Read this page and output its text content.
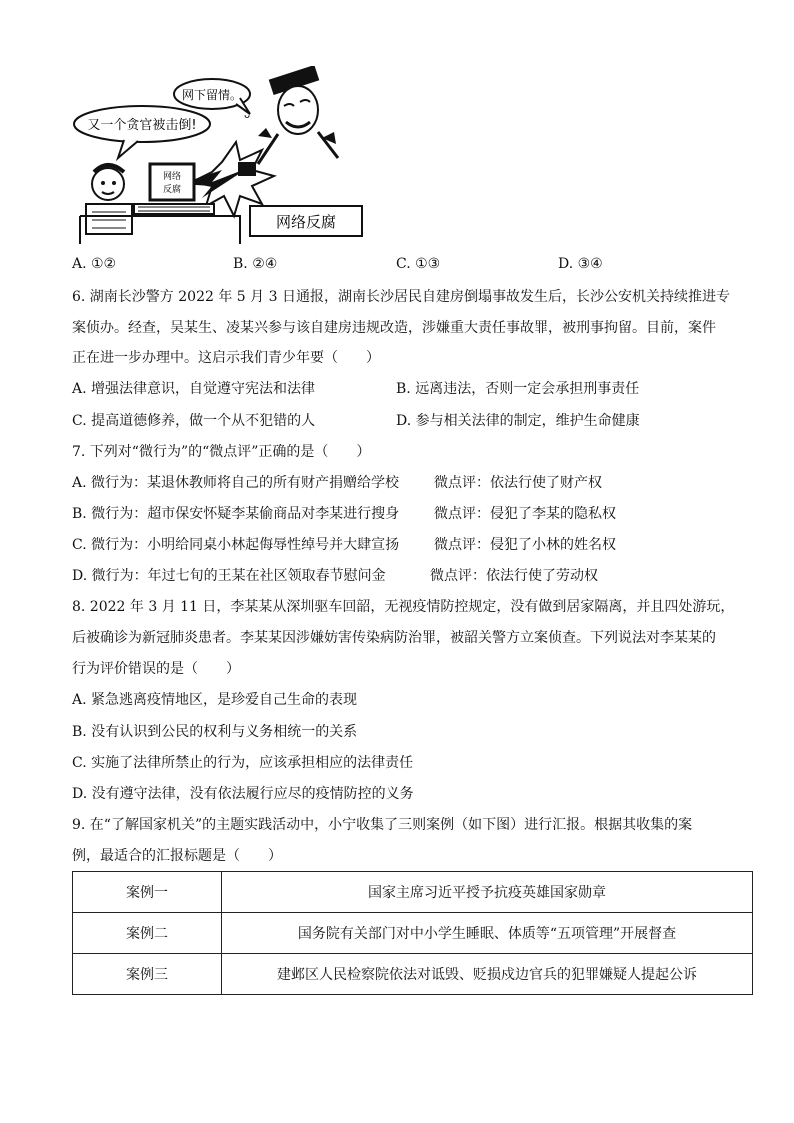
又一个贪官被击倒!
网下留情。
ᴗ
网络
反腐
网络反腐
A. ①②	B. ②④	C. ①③	D. ③④
6. 湖南长沙警方 2022 年 5 月 3 日通报，湖南长沙居民自建房倒塌事故发生后，长沙公安机关持续推进专
案侦办。经查，吴某生、凌某兴参与该自建房违规改造，涉嫌重大责任事故罪，被刑事拘留。目前，案件
正在进一步办理中。这启示我们青少年要（　　）
A. 增强法律意识，自觉遵守宪法和法律	B. 远离违法，否则一定会承担刑事责任
C. 提高道德修养，做一个从不犯错的人	D. 参与相关法律的制定，维护生命健康
7. 下列对“微行为”的“微点评”正确的是（　　）
A. 微行为：某退休教师将自己的所有财产捐赠给学校 微点评：依法行使了财产权
B. 微行为：超市保安怀疑李某偷商品对李某进行搜身 微点评：侵犯了李某的隐私权
C. 微行为：小明给同桌小林起侮辱性绰号并大肆宣扬 微点评：侵犯了小林的姓名权
D. 微行为：年过七旬的王某在社区领取春节慰问金	微点评：依法行使了劳动权
8. 2022 年 3 月 11 日，李某某从深圳驱车回韶，无视疫情防控规定，没有做到居家隔离，并且四处游玩，
后被确诊为新冠肺炎患者。李某某因涉嫌妨害传染病防治罪，被韶关警方立案侦查。下列说法对李某某的
行为评价错误的是（　　）
A. 紧急逃离疫情地区，是珍爱自己生命的表现
B. 没有认识到公民的权利与义务相统一的关系
C. 实施了法律所禁止的行为，应该承担相应的法律责任
D. 没有遵守法律，没有依法履行应尽的疫情防控的义务
9. 在“了解国家机关”的主题实践活动中，小宁收集了三则案例（如下图）进行汇报。根据其收集的案
例，最适合的汇报标题是（　　）
案例一	国家主席习近平授予抗疫英雄国家勋章
案例二	国务院有关部门对中小学生睡眠、体质等“五项管理”开展督查
案例三	建邺区人民检察院依法对诋毁、贬损戍边官兵的犯罪嫌疑人提起公诉
